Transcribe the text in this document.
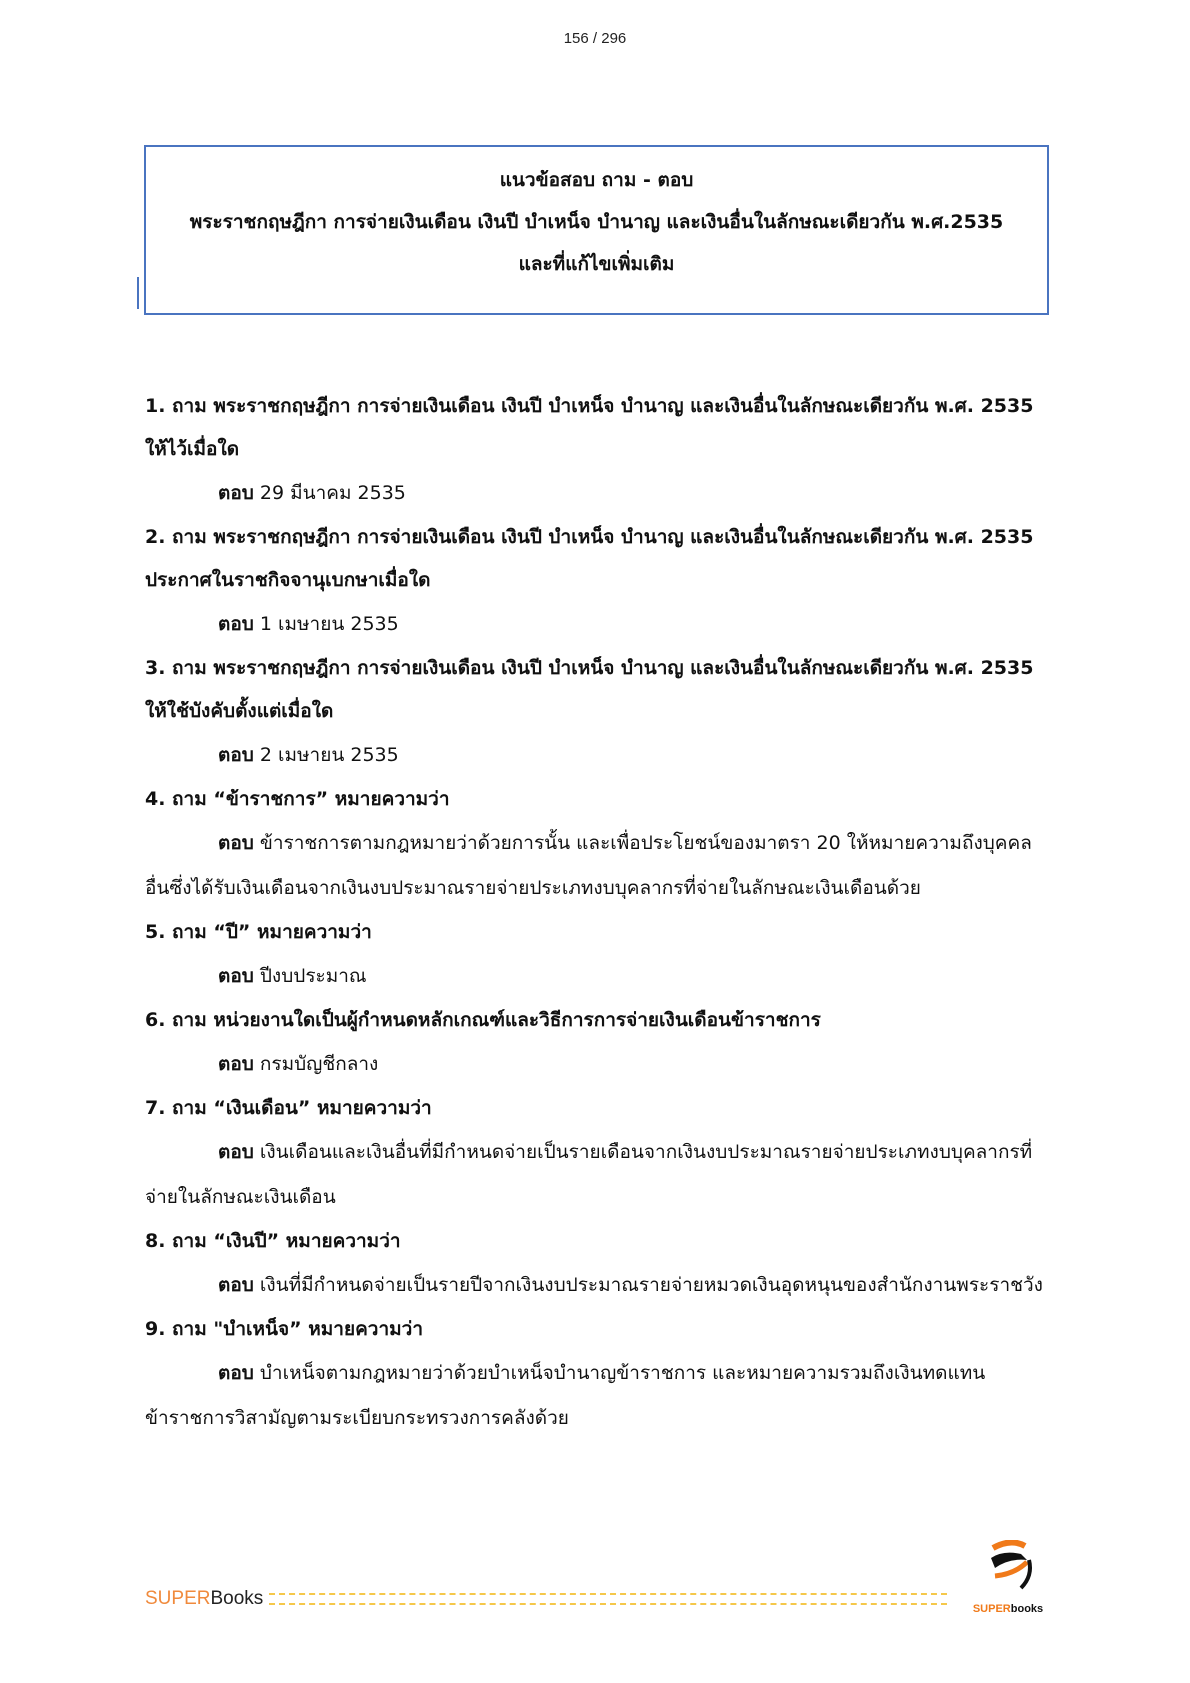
156 / 296
แนวข้อสอบ ถาม - ตอบ
พระราชกฤษฎีกา การจ่ายเงินเดือน เงินปี บำเหน็จ บำนาญ และเงินอื่นในลักษณะเดียวกัน พ.ศ.2535
และที่แก้ไขเพิ่มเติม

1. ถาม พระราชกฤษฎีกา การจ่ายเงินเดือน เงินปี บำเหน็จ บำนาญ และเงินอื่นในลักษณะเดียวกัน พ.ศ. 2535 ให้ไว้เมื่อใด

ตอบ 29 มีนาคม 2535

2. ถาม พระราชกฤษฎีกา การจ่ายเงินเดือน เงินปี บำเหน็จ บำนาญ และเงินอื่นในลักษณะเดียวกัน พ.ศ. 2535 ประกาศในราชกิจจานุเบกษาเมื่อใด

ตอบ 1 เมษายน 2535

3. ถาม พระราชกฤษฎีกา การจ่ายเงินเดือน เงินปี บำเหน็จ บำนาญ และเงินอื่นในลักษณะเดียวกัน พ.ศ. 2535 ให้ใช้บังคับตั้งแต่เมื่อใด

ตอบ 2 เมษายน 2535

4. ถาม “ข้าราชการ” หมายความว่า

ตอบ ข้าราชการตามกฎหมายว่าด้วยการนั้น และเพื่อประโยชน์ของมาตรา 20 ให้หมายความถึงบุคคลอื่นซึ่งได้รับเงินเดือนจากเงินงบประมาณรายจ่ายประเภทงบบุคลากรที่จ่ายในลักษณะเงินเดือนด้วย

5. ถาม “ปี” หมายความว่า

ตอบ ปีงบประมาณ

6. ถาม หน่วยงานใดเป็นผู้กำหนดหลักเกณฑ์และวิธีการการจ่ายเงินเดือนข้าราชการ

ตอบ กรมบัญชีกลาง

7. ถาม “เงินเดือน” หมายความว่า

ตอบ เงินเดือนและเงินอื่นที่มีกำหนดจ่ายเป็นรายเดือนจากเงินงบประมาณรายจ่ายประเภทงบบุคลากรที่จ่ายในลักษณะเงินเดือน

8. ถาม “เงินปี” หมายความว่า

ตอบ เงินที่มีกำหนดจ่ายเป็นรายปีจากเงินงบประมาณรายจ่ายหมวดเงินอุดหนุนของสำนักงานพระราชวัง

9. ถาม "บำเหน็จ” หมายความว่า

ตอบ บำเหน็จตามกฎหมายว่าด้วยบำเหน็จบำนาญข้าราชการ และหมายความรวมถึงเงินทดแทนข้าราชการวิสามัญตามระเบียบกระทรวงการคลังด้วย

SUPERBooks	SUPERbooks
